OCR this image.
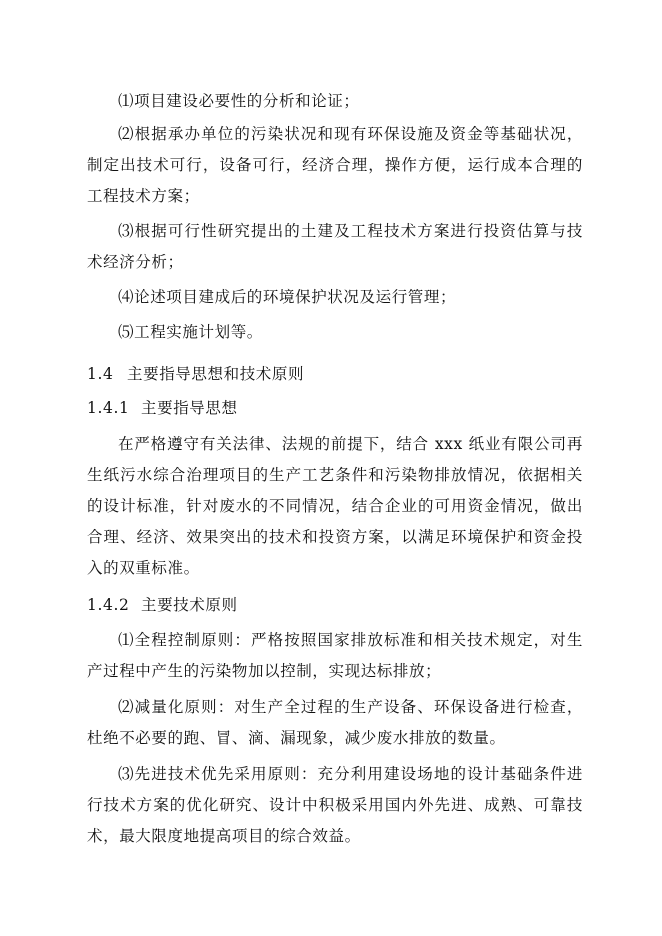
⑴项目建设必要性的分析和论证；

⑵根据承办单位的污染状况和现有环保设施及资金等基础状况，制定出技术可行，设备可行，经济合理，操作方便，运行成本合理的工程技术方案；

⑶根据可行性研究提出的土建及工程技术方案进行投资估算与技术经济分析；

⑷论述项目建成后的环境保护状况及运行管理；

⑸工程实施计划等。

1.4 主要指导思想和技术原则
1.4.1 主要指导思想

在严格遵守有关法律、法规的前提下，结合 xxx 纸业有限公司再生纸污水综合治理项目的生产工艺条件和污染物排放情况，依据相关的设计标准，针对废水的不同情况，结合企业的可用资金情况，做出合理、经济、效果突出的技术和投资方案，以满足环境保护和资金投入的双重标准。

1.4.2 主要技术原则

⑴全程控制原则：严格按照国家排放标准和相关技术规定，对生产过程中产生的污染物加以控制，实现达标排放；

⑵减量化原则：对生产全过程的生产设备、环保设备进行检查，杜绝不必要的跑、冒、滴、漏现象，减少废水排放的数量。

⑶先进技术优先采用原则：充分利用建设场地的设计基础条件进行技术方案的优化研究、设计中积极采用国内外先进、成熟、可靠技术，最大限度地提高项目的综合效益。
